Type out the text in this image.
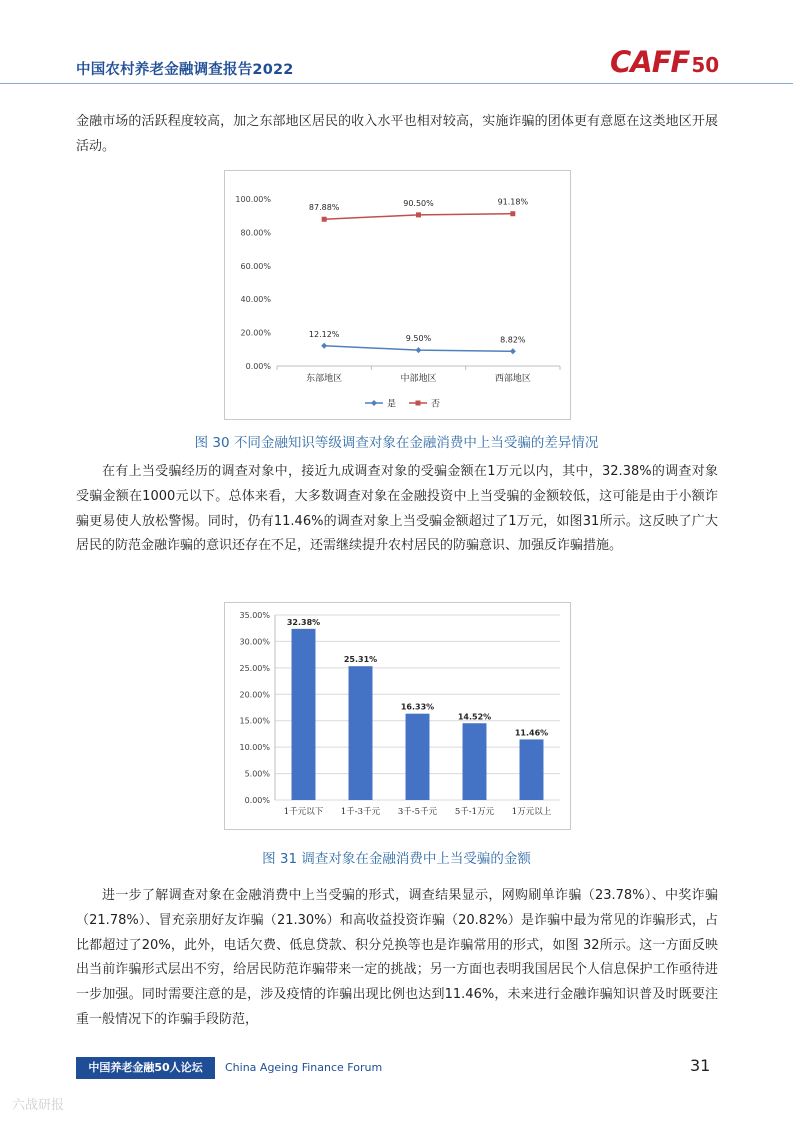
中国农村养老金融调查报告2022	CAFF 50

金融市场的活跃程度较高，加之东部地区居民的收入水平也相对较高，实施诈骗的团体更有意愿在这类地区开展活动。

0.00%
20.00%
40.00%
60.00%
80.00%
100.00%
东部地区	中部地区	西部地区
12.12%	9.50%	8.82%
87.88%	90.50%	91.18%
是	否
图 30 不同金融知识等级调查对象在金融消费中上当受骗的差异情况

在有上当受骗经历的调查对象中，接近九成调查对象的受骗金额在1万元以内，其中，32.38%的调查对象受骗金额在1000元以下。总体来看，大多数调查对象在金融投资中上当受骗的金额较低，这可能是由于小额诈骗更易使人放松警惕。同时，仍有11.46%的调查对象上当受骗金额超过了1万元，如图31所示。这反映了广大居民的防范金融诈骗的意识还存在不足，还需继续提升农村居民的防骗意识、加强反诈骗措施。

0.00%
5.00%
10.00%
15.00%
20.00%
25.00%
30.00%
35.00%
32.38%
1千元以下
25.31%
1千-3千元
16.33%
3千-5千元
14.52%
5千-1万元
11.46%
1万元以上
图 31 调查对象在金融消费中上当受骗的金额

进一步了解调查对象在金融消费中上当受骗的形式，调查结果显示，网购刷单诈骗（23.78%）、中奖诈骗（21.78%）、冒充亲朋好友诈骗（21.30%）和高收益投资诈骗（20.82%）是诈骗中最为常见的诈骗形式，占比都超过了20%，此外，电话欠费、低息贷款、积分兑换等也是诈骗常用的形式，如图 32所示。这一方面反映出当前诈骗形式层出不穷，给居民防范诈骗带来一定的挑战；另一方面也表明我国居民个人信息保护工作亟待进一步加强。同时需要注意的是，涉及疫情的诈骗出现比例也达到11.46%，未来进行金融诈骗知识普及时既要注重一般情况下的诈骗手段防范，

中国养老金融50人论坛	China Ageing Finance Forum	31
六战研报
